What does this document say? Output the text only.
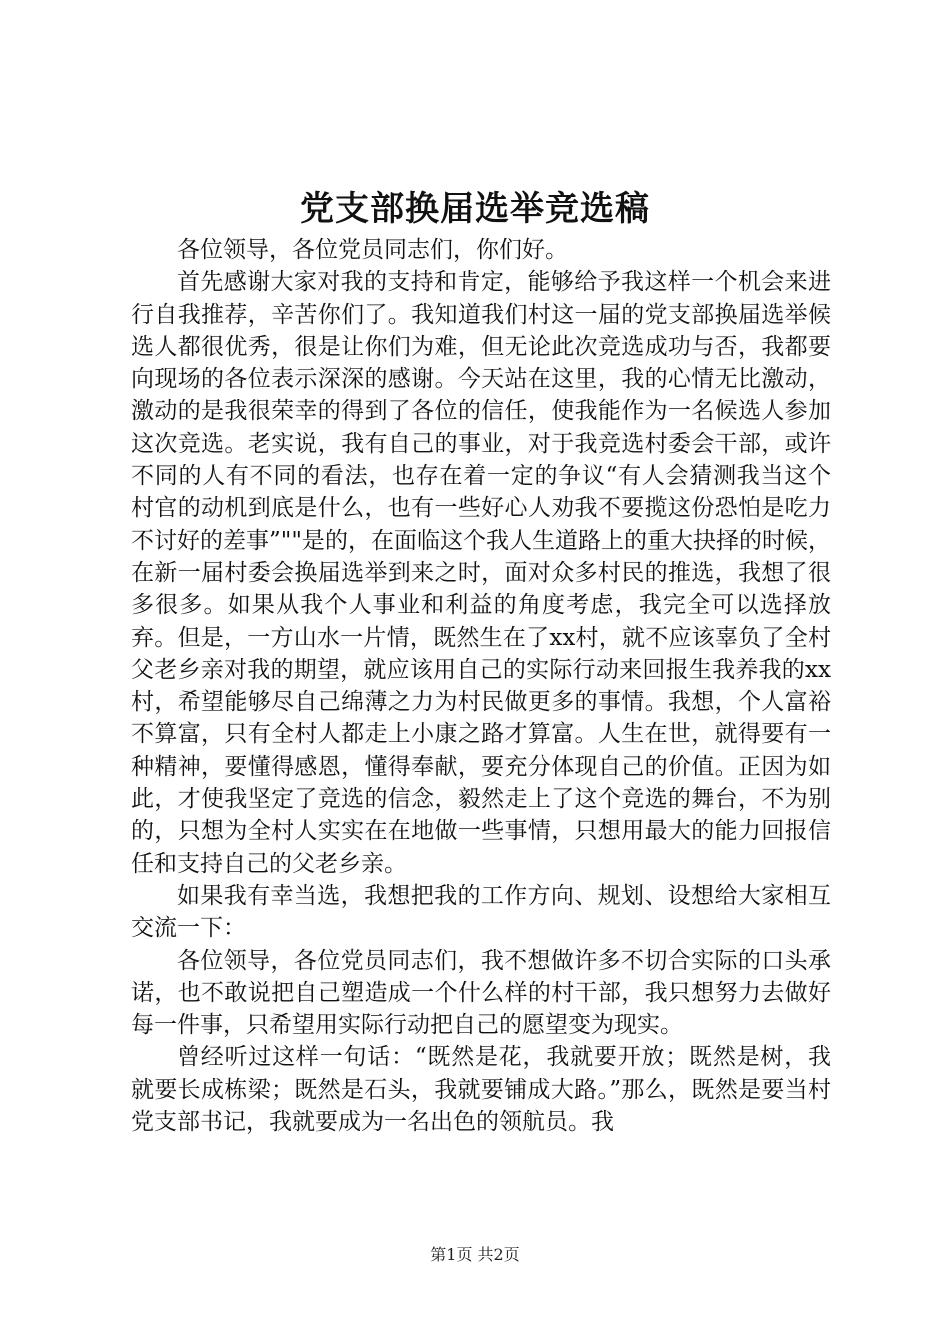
党支部换届选举竞选稿

各位领导，各位党员同志们，你们好。

首先感谢大家对我的支持和肯定，能够给予我这样一个机会来进行自我推荐，辛苦你们了。我知道我们村这一届的党支部换届选举候选人都很优秀，很是让你们为难，但无论此次竞选成功与否，我都要向现场的各位表示深深的感谢。今天站在这里，我的心情无比激动，激动的是我很荣幸的得到了各位的信任，使我能作为一名候选人参加这次竞选。老实说，我有自己的事业，对于我竞选村委会干部，或许不同的人有不同的看法，也存在着一定的争议“有人会猜测我当这个村官的动机到底是什么，也有一些好心人劝我不要揽这份恐怕是吃力不讨好的差事”""是的，在面临这个我人生道路上的重大抉择的时候，在新一届村委会换届选举到来之时，面对众多村民的推选，我想了很多很多。如果从我个人事业和利益的角度考虑，我完全可以选择放弃。但是，一方山水一片情，既然生在了xx村，就不应该辜负了全村父老乡亲对我的期望，就应该用自己的实际行动来回报生我养我的xx村，希望能够尽自己绵薄之力为村民做更多的事情。我想，个人富裕不算富，只有全村人都走上小康之路才算富。人生在世，就得要有一种精神，要懂得感恩，懂得奉献，要充分体现自己的价值。正因为如此，才使我坚定了竞选的信念，毅然走上了这个竞选的舞台，不为别的，只想为全村人实实在在地做一些事情，只想用最大的能力回报信任和支持自己的父老乡亲。

如果我有幸当选，我想把我的工作方向、规划、设想给大家相互交流一下：

各位领导，各位党员同志们，我不想做许多不切合实际的口头承诺，也不敢说把自己塑造成一个什么样的村干部，我只想努力去做好每一件事，只希望用实际行动把自己的愿望变为现实。

曾经听过这样一句话：“既然是花，我就要开放；既然是树，我就要长成栋梁；既然是石头，我就要铺成大路。”那么，既然是要当村党支部书记，我就要成为一名出色的领航员。我

第1页 共2页
